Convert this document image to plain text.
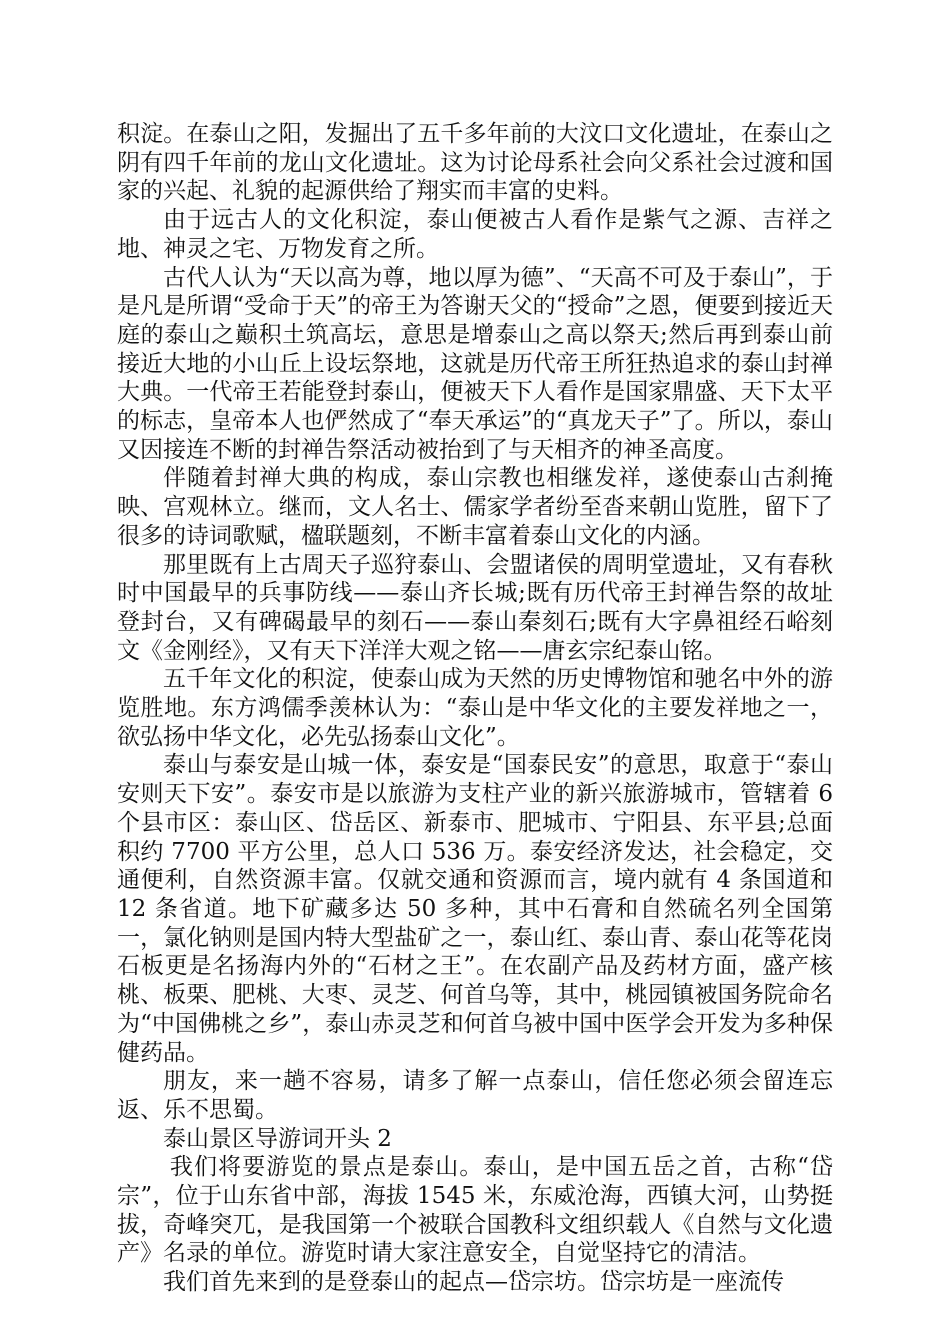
积淀。在泰山之阳，发掘出了五千多年前的大汶口文化遗址，在泰山之阴有四千年前的龙山文化遗址。这为讨论母系社会向父系社会过渡和国家的兴起、礼貌的起源供给了翔实而丰富的史料。

由于远古人的文化积淀，泰山便被古人看作是紫气之源、吉祥之地、神灵之宅、万物发育之所。

古代人认为“天以高为尊，地以厚为德”、“天高不可及于泰山”，于是凡是所谓“受命于天”的帝王为答谢天父的“授命”之恩，便要到接近天庭的泰山之巅积土筑高坛，意思是增泰山之高以祭天;然后再到泰山前接近大地的小山丘上设坛祭地，这就是历代帝王所狂热追求的泰山封禅大典。一代帝王若能登封泰山，便被天下人看作是国家鼎盛、天下太平的标志，皇帝本人也俨然成了“奉天承运”的“真龙天子”了。所以，泰山又因接连不断的封禅告祭活动被抬到了与天相齐的神圣高度。

伴随着封禅大典的构成，泰山宗教也相继发祥，遂使泰山古刹掩映、宫观林立。继而，文人名士、儒家学者纷至沓来朝山览胜，留下了很多的诗词歌赋，楹联题刻，不断丰富着泰山文化的内涵。

那里既有上古周天子巡狩泰山、会盟诸侯的周明堂遗址，又有春秋时中国最早的兵事防线——泰山齐长城;既有历代帝王封禅告祭的故址登封台，又有碑碣最早的刻石——泰山秦刻石;既有大字鼻祖经石峪刻文《金刚经》，又有天下洋洋大观之铭——唐玄宗纪泰山铭。

五千年文化的积淀，使泰山成为天然的历史博物馆和驰名中外的游览胜地。东方鸿儒季羡林认为：“泰山是中华文化的主要发祥地之一，欲弘扬中华文化，必先弘扬泰山文化”。

泰山与泰安是山城一体，泰安是“国泰民安”的意思，取意于“泰山安则天下安”。泰安市是以旅游为支柱产业的新兴旅游城市，管辖着 6 个县市区：泰山区、岱岳区、新泰市、肥城市、宁阳县、东平县;总面积约 7700 平方公里，总人口 536 万。泰安经济发达，社会稳定，交通便利，自然资源丰富。仅就交通和资源而言，境内就有 4 条国道和 12 条省道。地下矿藏多达 50 多种，其中石膏和自然硫名列全国第一，氯化钠则是国内特大型盐矿之一，泰山红、泰山青、泰山花等花岗石板更是名扬海内外的“石材之王”。在农副产品及药材方面，盛产核桃、板栗、肥桃、大枣、灵芝、何首乌等，其中，桃园镇被国务院命名为“中国佛桃之乡”，泰山赤灵芝和何首乌被中国中医学会开发为多种保健药品。

朋友，来一趟不容易，请多了解一点泰山，信任您必须会留连忘返、乐不思蜀。

泰山景区导游词开头 2

我们将要游览的景点是泰山。泰山，是中国五岳之首，古称“岱宗”，位于山东省中部，海拔 1545 米，东威沧海，西镇大河，山势挺拔，奇峰突兀，是我国第一个被联合国教科文组织载人《自然与文化遗产》名录的单位。游览时请大家注意安全，自觉坚持它的清洁。

我们首先来到的是登泰山的起点—岱宗坊。岱宗坊是一座流传
